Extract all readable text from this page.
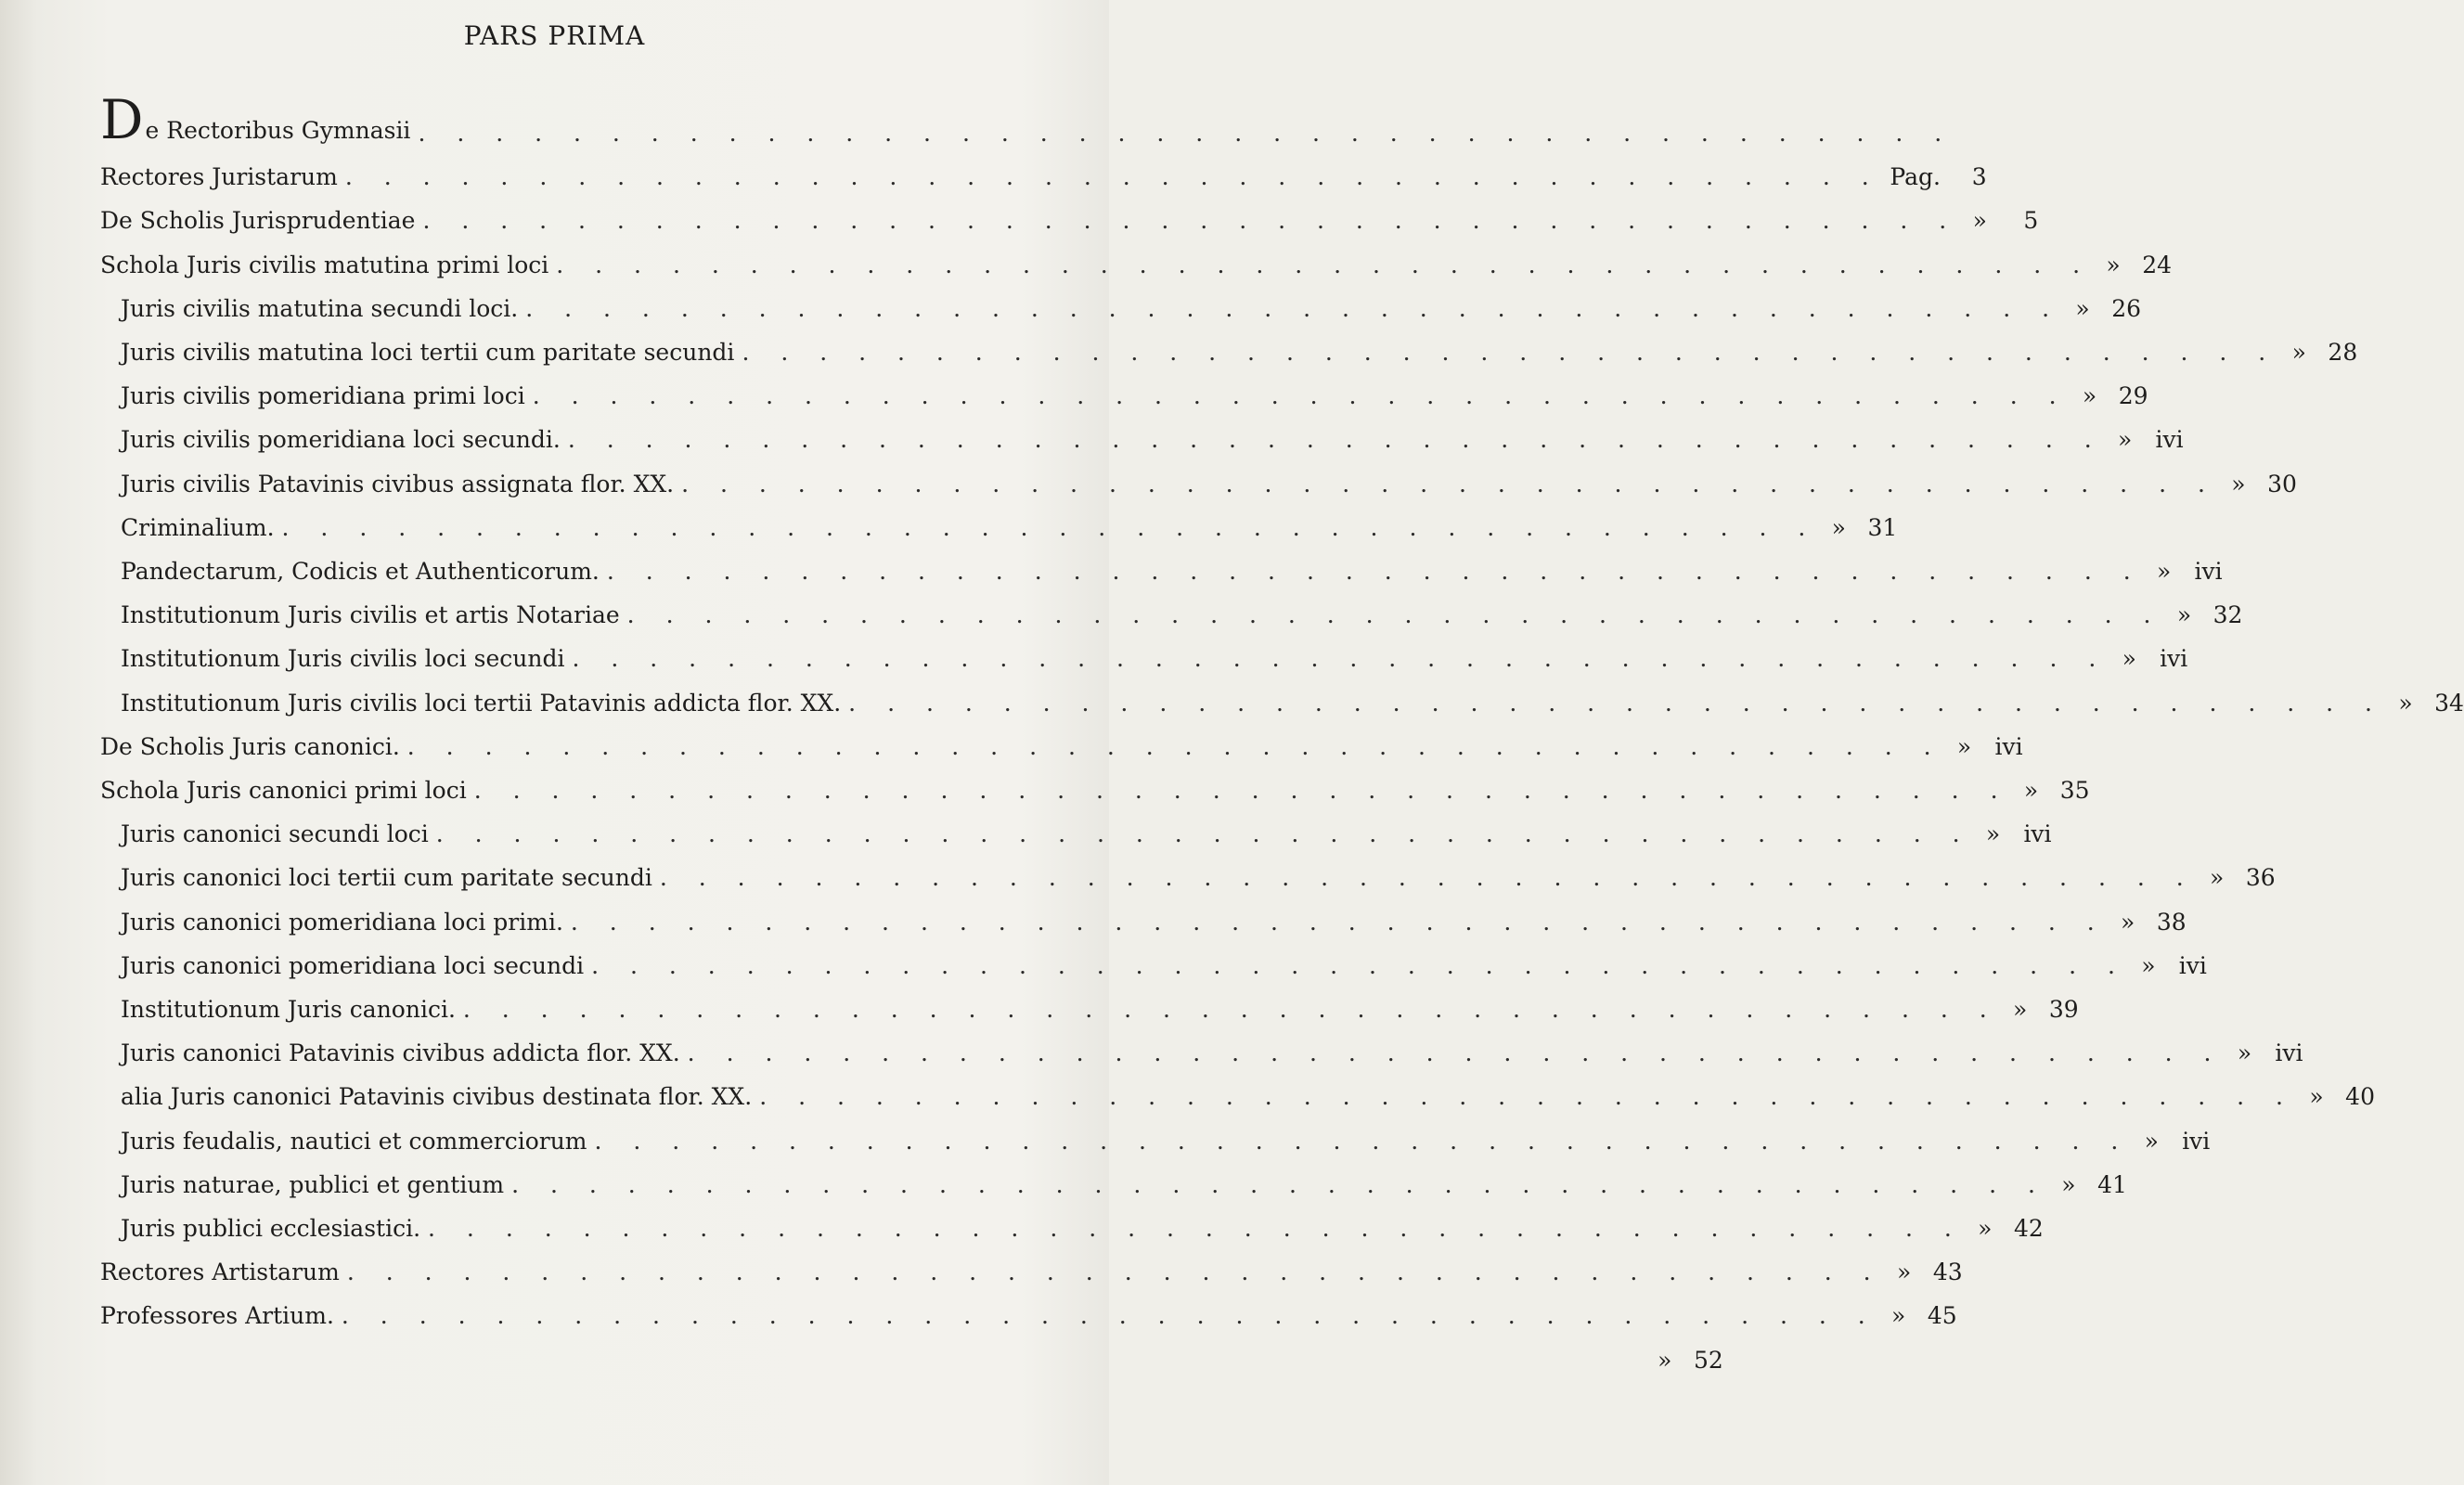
PARS PRIMA
De Rectoribus Gymnasii . . . . . . . . . . . . . . . . . . . . . . . . . . . . . . . . . . . . . . . .
Rectores Juristarum . . . . . . . . . . . . . . . . . . . . . . . . . . . . . . . . . . . . . . . . Pag.	3
De Scholis Jurisprudentiae . . . . . . . . . . . . . . . . . . . . . . . . . . . . . . . . . . . . . . . . »	5
Schola Juris civilis matutina primi loci . . . . . . . . . . . . . . . . . . . . . . . . . . . . . . . . . . . . . . . . » 24
Juris civilis matutina secundi loci. . . . . . . . . . . . . . . . . . . . . . . . . . . . . . . . . . . . . . . . . » 26
Juris civilis matutina loci tertii cum paritate secundi . . . . . . . . . . . . . . . . . . . . . . . . . . . . . . . . . . . . . . . . » 28
Juris civilis pomeridiana primi loci . . . . . . . . . . . . . . . . . . . . . . . . . . . . . . . . . . . . . . . . » 29
Juris civilis pomeridiana loci secundi. . . . . . . . . . . . . . . . . . . . . . . . . . . . . . . . . . . . . . . . . »	ivi
Juris civilis Patavinis civibus assignata flor. XX. . . . . . . . . . . . . . . . . . . . . . . . . . . . . . . . . . . . . . . . . » 30
Criminalium. . . . . . . . . . . . . . . . . . . . . . . . . . . . . . . . . . . . . . . . . » 31
Pandectarum, Codicis et Authenticorum. . . . . . . . . . . . . . . . . . . . . . . . . . . . . . . . . . . . . . . . . »	ivi
Institutionum Juris civilis et artis Notariae . . . . . . . . . . . . . . . . . . . . . . . . . . . . . . . . . . . . . . . . » 32
Institutionum Juris civilis loci secundi . . . . . . . . . . . . . . . . . . . . . . . . . . . . . . . . . . . . . . . . »	ivi
Institutionum Juris civilis loci tertii Patavinis addicta flor. XX. . . . . . . . . . . . . . . . . . . . . . . . . . . . . . . . . . . . . . . . . » 34
De Scholis Juris canonici. . . . . . . . . . . . . . . . . . . . . . . . . . . . . . . . . . . . . . . . . »	ivi
Schola Juris canonici primi loci . . . . . . . . . . . . . . . . . . . . . . . . . . . . . . . . . . . . . . . . » 35
Juris canonici secundi loci . . . . . . . . . . . . . . . . . . . . . . . . . . . . . . . . . . . . . . . . »	ivi
Juris canonici loci tertii cum paritate secundi . . . . . . . . . . . . . . . . . . . . . . . . . . . . . . . . . . . . . . . . » 36
Juris canonici pomeridiana loci primi. . . . . . . . . . . . . . . . . . . . . . . . . . . . . . . . . . . . . . . . . » 38
Juris canonici pomeridiana loci secundi . . . . . . . . . . . . . . . . . . . . . . . . . . . . . . . . . . . . . . . . »	ivi
Institutionum Juris canonici. . . . . . . . . . . . . . . . . . . . . . . . . . . . . . . . . . . . . . . . . » 39
Juris canonici Patavinis civibus addicta flor. XX. . . . . . . . . . . . . . . . . . . . . . . . . . . . . . . . . . . . . . . . . »	ivi
alia Juris canonici Patavinis civibus destinata flor. XX. . . . . . . . . . . . . . . . . . . . . . . . . . . . . . . . . . . . . . . . . » 40
Juris feudalis, nautici et commerciorum . . . . . . . . . . . . . . . . . . . . . . . . . . . . . . . . . . . . . . . . »	ivi
Juris naturae, publici et gentium . . . . . . . . . . . . . . . . . . . . . . . . . . . . . . . . . . . . . . . . » 41
Juris publici ecclesiastici. . . . . . . . . . . . . . . . . . . . . . . . . . . . . . . . . . . . . . . . . » 42
Rectores Artistarum . . . . . . . . . . . . . . . . . . . . . . . . . . . . . . . . . . . . . . . . » 43
Professores Artium. . . . . . . . . . . . . . . . . . . . . . . . . . . . . . . . . . . . . . . . . » 45
» 52
